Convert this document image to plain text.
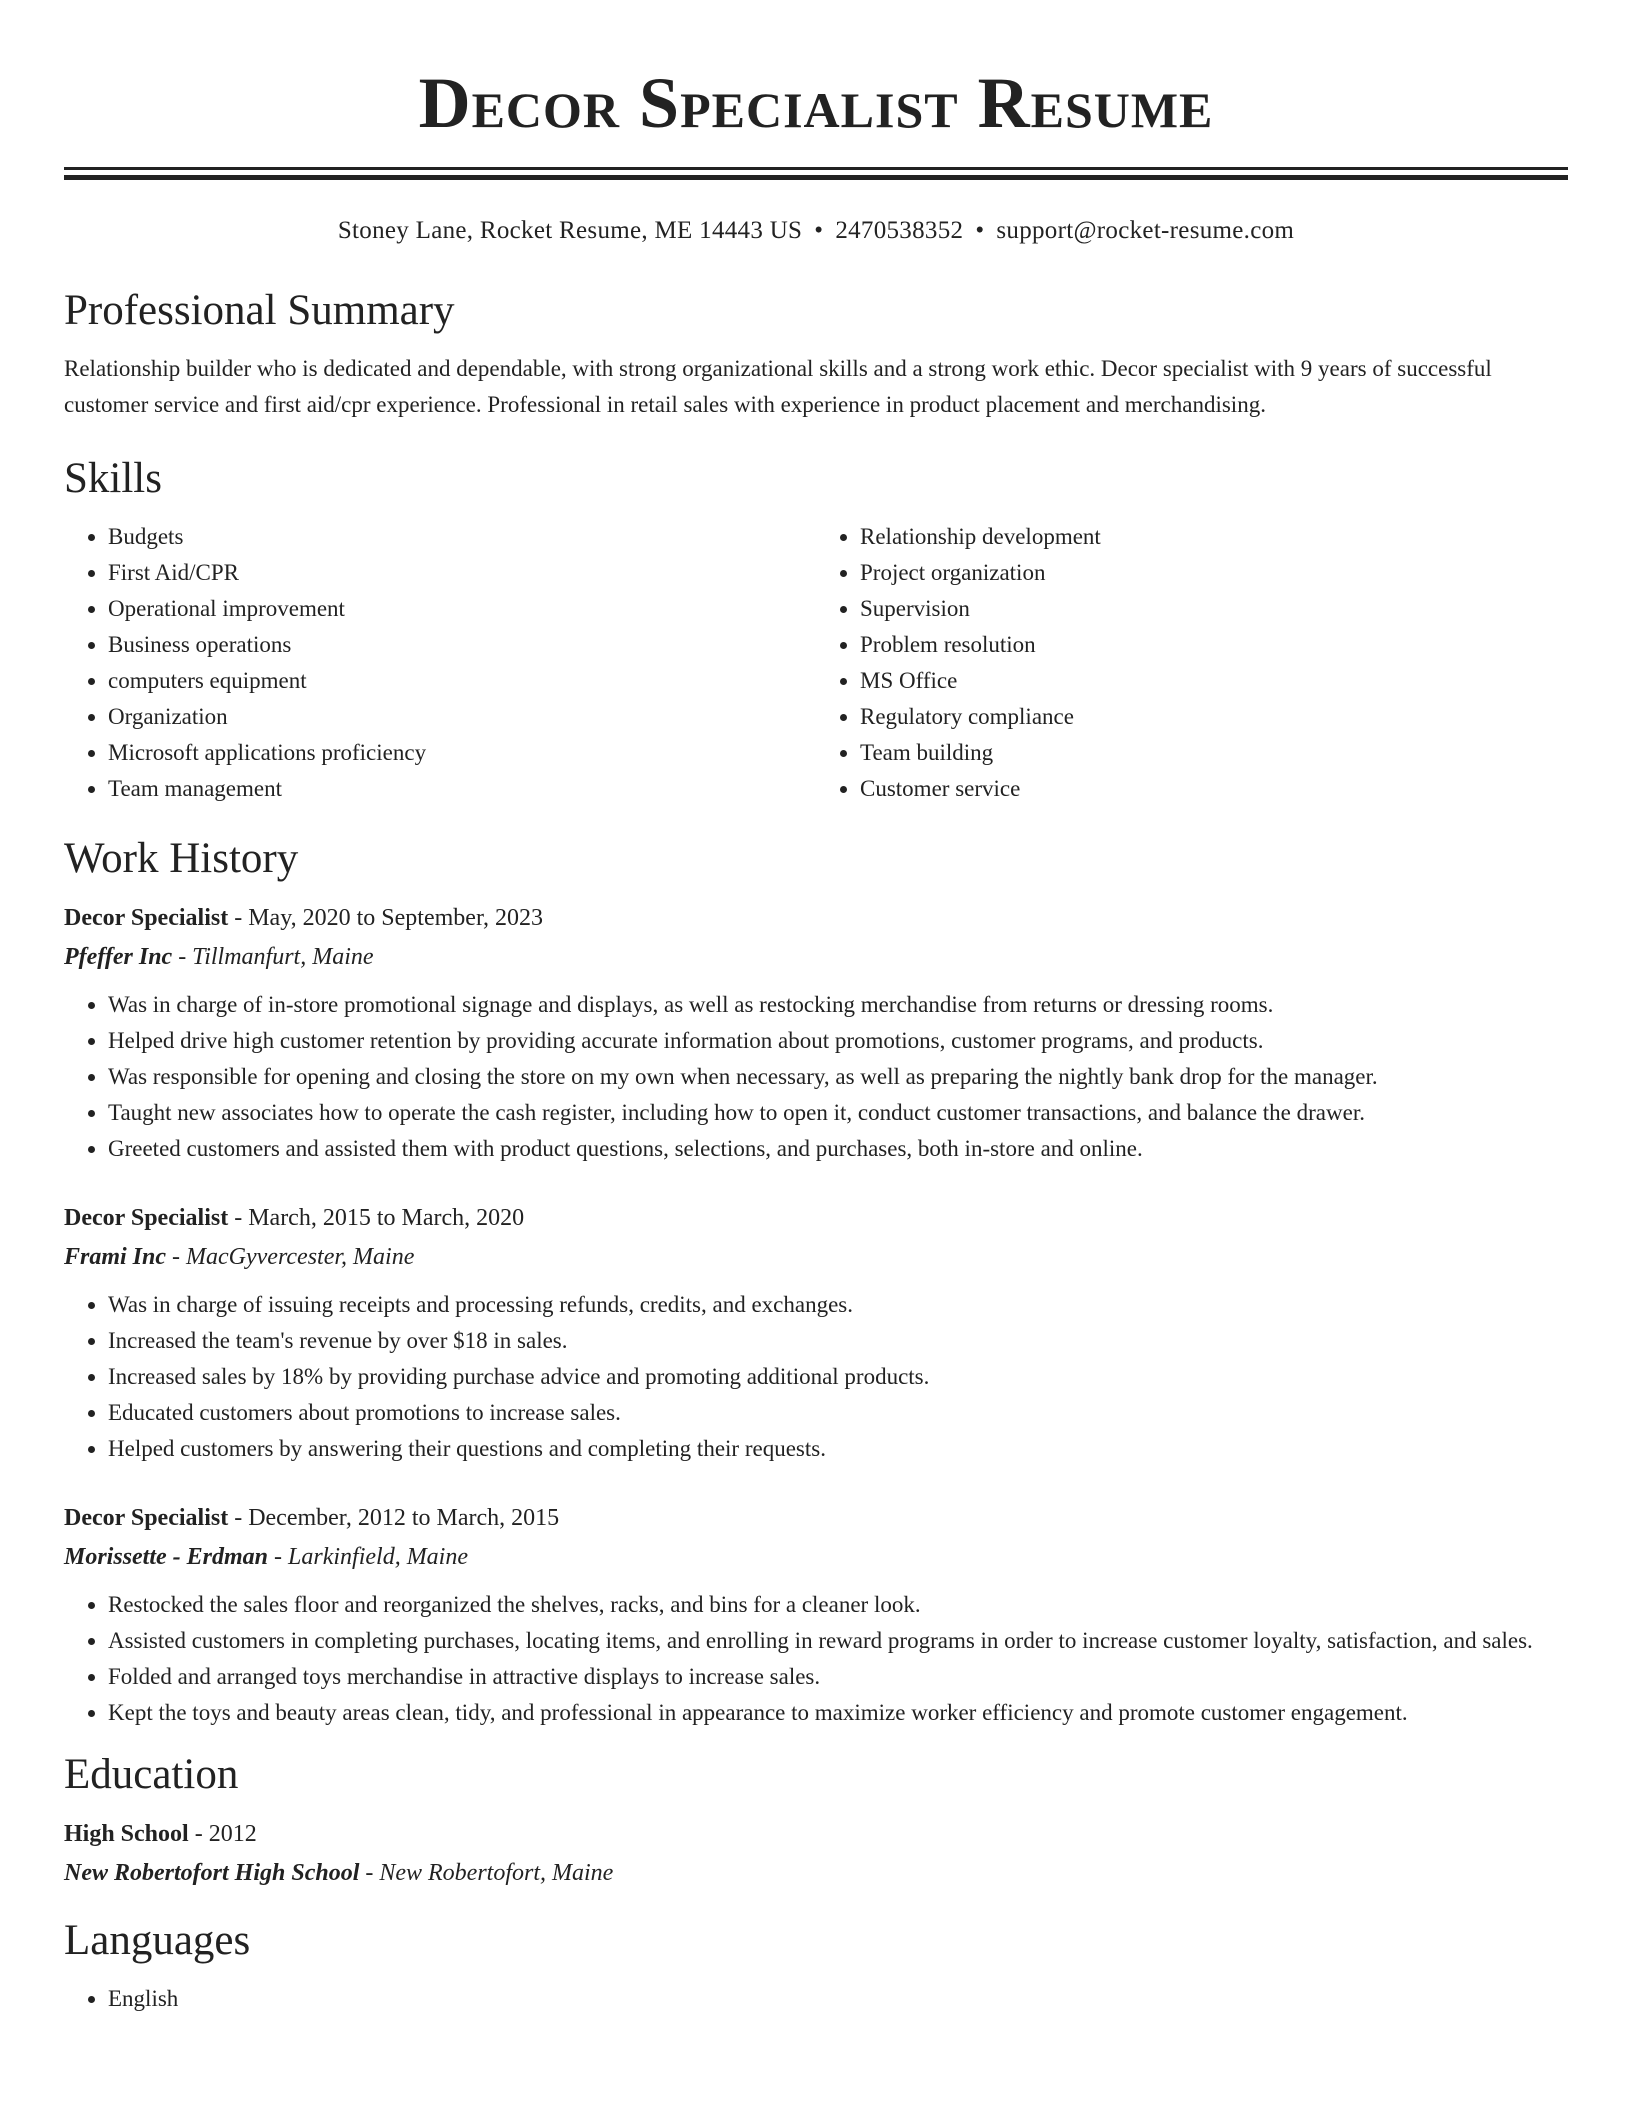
Decor Specialist Resume
Stoney Lane, Rocket Resume, ME 14443 US • 2470538352 • support@rocket-resume.com
Professional Summary

Relationship builder who is dedicated and dependable, with strong organizational skills and a strong work ethic. Decor specialist with 9 years of successful customer service and first aid/cpr experience. Professional in retail sales with experience in product placement and merchandising.

Skills
• Budgets
• First Aid/CPR
• Operational improvement
• Business operations
• computers equipment
• Organization
• Microsoft applications proficiency
• Team management
• Relationship development
• Project organization
• Supervision
• Problem resolution
• MS Office
• Regulatory compliance
• Team building
• Customer service
Work History
Decor Specialist - May, 2020 to September, 2023
Pfeffer Inc - Tillmanfurt, Maine
• Was in charge of in-store promotional signage and displays, as well as restocking merchandise from returns or dressing rooms.
• Helped drive high customer retention by providing accurate information about promotions, customer programs, and products.
• Was responsible for opening and closing the store on my own when necessary, as well as preparing the nightly bank drop for the manager.
• Taught new associates how to operate the cash register, including how to open it, conduct customer transactions, and balance the drawer.
• Greeted customers and assisted them with product questions, selections, and purchases, both in-store and online.
Decor Specialist - March, 2015 to March, 2020
Frami Inc - MacGyvercester, Maine
• Was in charge of issuing receipts and processing refunds, credits, and exchanges.
• Increased the team's revenue by over $18 in sales.
• Increased sales by 18% by providing purchase advice and promoting additional products.
• Educated customers about promotions to increase sales.
• Helped customers by answering their questions and completing their requests.
Decor Specialist - December, 2012 to March, 2015
Morissette - Erdman - Larkinfield, Maine
• Restocked the sales floor and reorganized the shelves, racks, and bins for a cleaner look.
• Assisted customers in completing purchases, locating items, and enrolling in reward programs in order to increase customer loyalty, satisfaction, and sales.
• Folded and arranged toys merchandise in attractive displays to increase sales.
• Kept the toys and beauty areas clean, tidy, and professional in appearance to maximize worker efficiency and promote customer engagement.
Education
High School - 2012
New Robertofort High School - New Robertofort, Maine
Languages
• English
